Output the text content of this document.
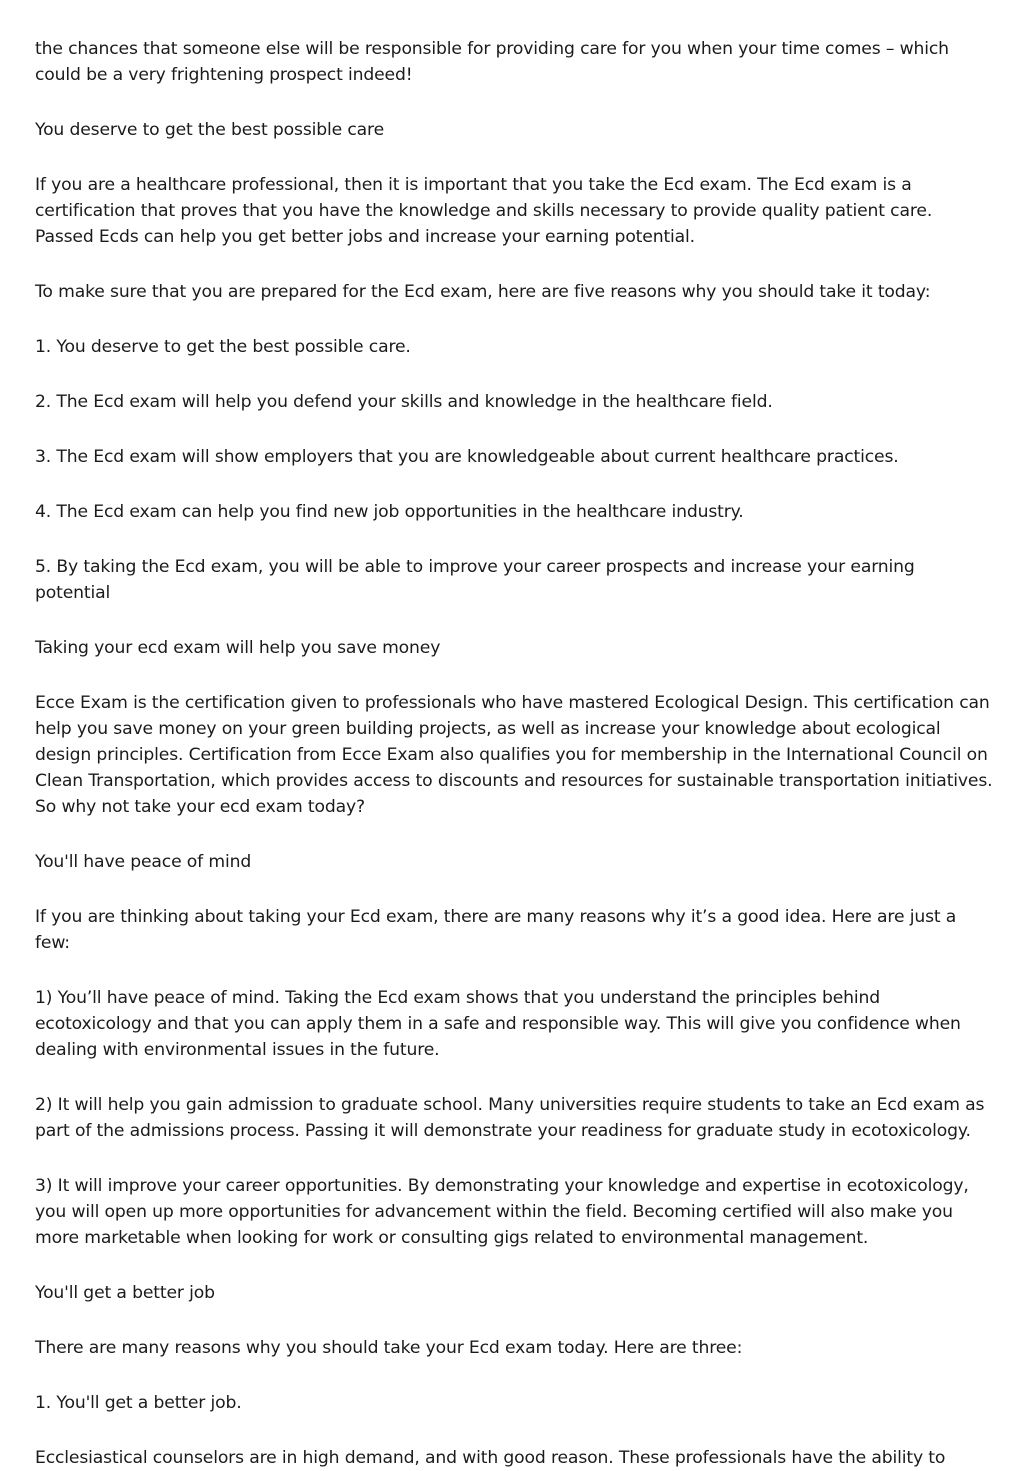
the chances that someone else will be responsible for providing care for you when your time comes – which could be a very frightening prospect indeed!

You deserve to get the best possible care

If you are a healthcare professional, then it is important that you take the Ecd exam. The Ecd exam is a certification that proves that you have the knowledge and skills necessary to provide quality patient care. Passed Ecds can help you get better jobs and increase your earning potential.

To make sure that you are prepared for the Ecd exam, here are five reasons why you should take it today:

1. You deserve to get the best possible care.

2. The Ecd exam will help you defend your skills and knowledge in the healthcare field.

3. The Ecd exam will show employers that you are knowledgeable about current healthcare practices.

4. The Ecd exam can help you find new job opportunities in the healthcare industry.

5. By taking the Ecd exam, you will be able to improve your career prospects and increase your earning potential

Taking your ecd exam will help you save money

Ecce Exam is the certification given to professionals who have mastered Ecological Design. This certification can help you save money on your green building projects, as well as increase your knowledge about ecological design principles. Certification from Ecce Exam also qualifies you for membership in the International Council on Clean Transportation, which provides access to discounts and resources for sustainable transportation initiatives. So why not take your ecd exam today?

You'll have peace of mind

If you are thinking about taking your Ecd exam, there are many reasons why it’s a good idea. Here are just a few:

1) You’ll have peace of mind. Taking the Ecd exam shows that you understand the principles behind ecotoxicology and that you can apply them in a safe and responsible way. This will give you confidence when dealing with environmental issues in the future.

2) It will help you gain admission to graduate school. Many universities require students to take an Ecd exam as part of the admissions process. Passing it will demonstrate your readiness for graduate study in ecotoxicology.

3) It will improve your career opportunities. By demonstrating your knowledge and expertise in ecotoxicology, you will open up more opportunities for advancement within the field. Becoming certified will also make you more marketable when looking for work or consulting gigs related to environmental management.

You'll get a better job

There are many reasons why you should take your Ecd exam today. Here are three:

1. You'll get a better job.

Ecclesiastical counselors are in high demand, and with good reason. These professionals have the ability to
